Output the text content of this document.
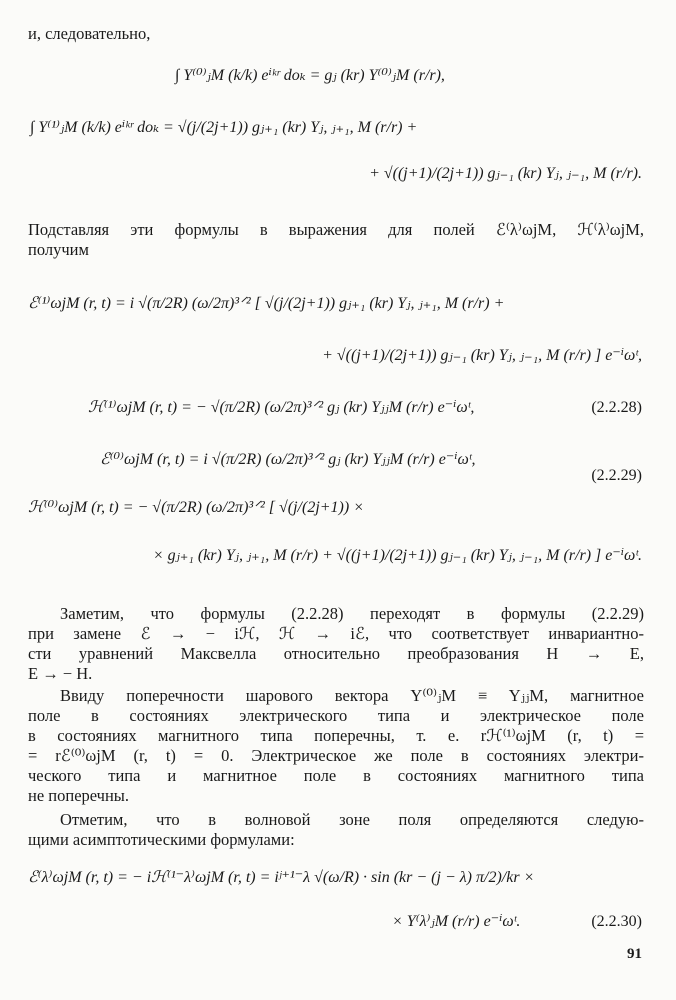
и, следовательно,
∫ Y⁽⁰⁾ⱼM (k/k) eⁱᵏʳ doₖ = gⱼ (kr) Y⁽⁰⁾ⱼM (r/r),
∫ Y⁽¹⁾ⱼM (k/k) eⁱᵏʳ doₖ = √(j/(2j+1)) gⱼ₊₁ (kr) Yⱼ, ⱼ₊₁, M (r/r) +
+ √((j+1)/(2j+1)) gⱼ₋₁ (kr) Yⱼ, ⱼ₋₁, M (r/r).
Подставляя эти формулы в выражения для полей ℰ⁽λ⁾ωjM, ℋ⁽λ⁾ωjM,
получим
ℰ⁽¹⁾ωjM (r, t) = i √(π/2R) (ω/2π)³ᐟ² [ √(j/(2j+1)) gⱼ₊₁ (kr) Yⱼ, ⱼ₊₁, M (r/r) +
+ √((j+1)/(2j+1)) gⱼ₋₁ (kr) Yⱼ, ⱼ₋₁, M (r/r) ] e⁻ⁱωᵗ,
ℋ⁽¹⁾ωjM (r, t) = − √(π/2R) (ω/2π)³ᐟ² gⱼ (kr) YⱼⱼM (r/r) e⁻ⁱωᵗ,	(2.2.28)
ℰ⁽⁰⁾ωjM (r, t) = i √(π/2R) (ω/2π)³ᐟ² gⱼ (kr) YⱼⱼM (r/r) e⁻ⁱωᵗ,
(2.2.29)
ℋ⁽⁰⁾ωjM (r, t) = − √(π/2R) (ω/2π)³ᐟ² [ √(j/(2j+1)) ×
× gⱼ₊₁ (kr) Yⱼ, ⱼ₊₁, M (r/r) + √((j+1)/(2j+1)) gⱼ₋₁ (kr) Yⱼ, ⱼ₋₁, M (r/r) ] e⁻ⁱωᵗ.
Заметим, что формулы (2.2.28) переходят в формулы (2.2.29)
при замене ℰ → − iℋ, ℋ → iℰ, что соответствует инвариантно-
сти уравнений Максвелла относительно преобразования H → E,
E → − H.
Ввиду поперечности шарового вектора Y⁽⁰⁾ⱼM ≡ YⱼⱼM, магнитное
поле в состояниях электрического типа и электрическое поле
в состояниях магнитного типа поперечны, т. е. rℋ⁽¹⁾ωjM (r, t) =
= rℰ⁽⁰⁾ωjM (r, t) = 0. Электрическое же поле в состояниях электри-
ческого типа и магнитное поле в состояниях магнитного типа
не поперечны.
Отметим, что в волновой зоне поля определяются следую-
щими асимптотическими формулами:
ℰ⁽λ⁾ωjM (r, t) = − iℋ⁽¹⁻λ⁾ωjM (r, t) = iʲ⁺¹⁻λ √(ω/R) · sin (kr − (j − λ) π/2)/kr ×
× Y⁽λ⁾ⱼM (r/r) e⁻ⁱωᵗ.	(2.2.30)
91
